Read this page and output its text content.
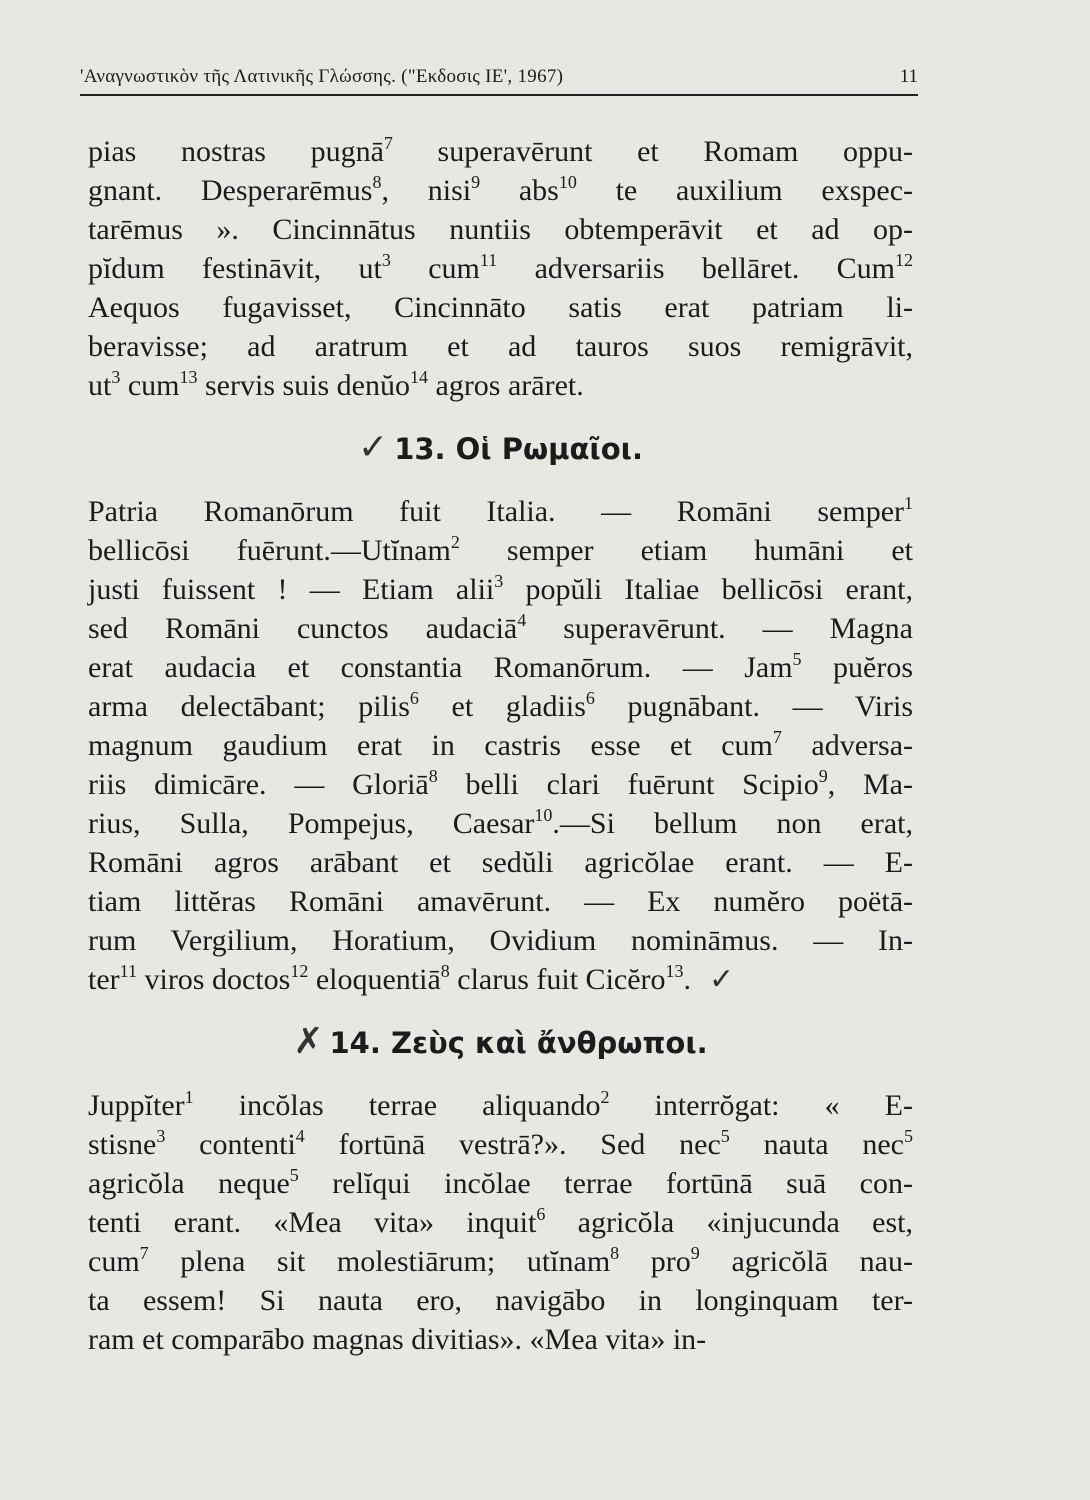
'Αναγνωστικὸν τῆς Λατινικῆς Γλώσσης. ("Εκδοσις ΙΕ', 1967)	11

pias nostras pugnā$^7$ superavērunt et Romam oppu-
gnant. Desperarēmus$^8$, nisi$^9$ abs$^{10}$ te auxilium exspec-
tarēmus ». Cincinnātus nuntiis obtemperāvit et ad op-
pĭdum festināvit, $ut^3$ cum$^{11}$ adversariis bellāret. Cum$^{12}$
Aequos fugavisset, Cincinnāto satis erat patriam li-
beravisse; ad aratrum et ad tauros suos remigrāvit,
$ut^3$ cum$^{13}$ servis suis denŭo$^{14}$ agros arāret.

✓ 13. Οἱ Ρωμαῖοι.

Patria Romanōrum fuit Italia. — Romāni semper$^1$
bellicōsi fuērunt.—Utĭnam$^2$ semper etiam humāni et
justi fuissent ! — Etiam alii$^3$ popŭli Italiae bellicōsi erant,
sed Romāni cunctos audaciā$^4$ superavērunt. — Magna
erat audacia et constantia Romanōrum. — Jam$^5$ puĕros
arma delectābant; pilis$^6$ et gladiis$^6$ pugnābant. — Viris
magnum gaudium erat in castris esse et cum$^7$ adversa-
riis dimicāre. — Gloriā$^8$ belli clari fuērunt Scipio$^9$, Ma-
rius, Sulla, Pompejus, Caesar$^{10}$.—Si bellum non erat,
Romāni agros arābant et sedŭli agricŏlae erant. — E-
tiam littĕras Romāni amavērunt. — Ex numĕro poëtā-
rum Vergilium, Horatium, Ovidium nomināmus. — In-
ter$^{11}$ viros doctos$^{12}$ eloquentiā$^8$ clarus fuit Cicĕro$^{13}$. ✓

✗ 14. Ζεὺς καὶ ἄνθρωποι.

Juppĭter$^1$ incŏlas terrae aliquando$^2$ interrŏgat: « E-
stisne$^3$ contenti$^4$ fortūnā vestrā?». Sed nec$^5$ nauta nec$^5$
agricŏla neque$^5$ relĭqui incŏlae terrae fortūnā suā con-
tenti erant. «Mea vita» inquit$^6$ agricŏla «injucunda est,
cum$^7$ plena sit molestiārum; utĭnam$^8$ pro$^9$ agricŏlā nau-
ta essem! Si nauta ero, navigābo in longinquam ter-
ram et comparābo magnas divitias». «Mea vita» in-
